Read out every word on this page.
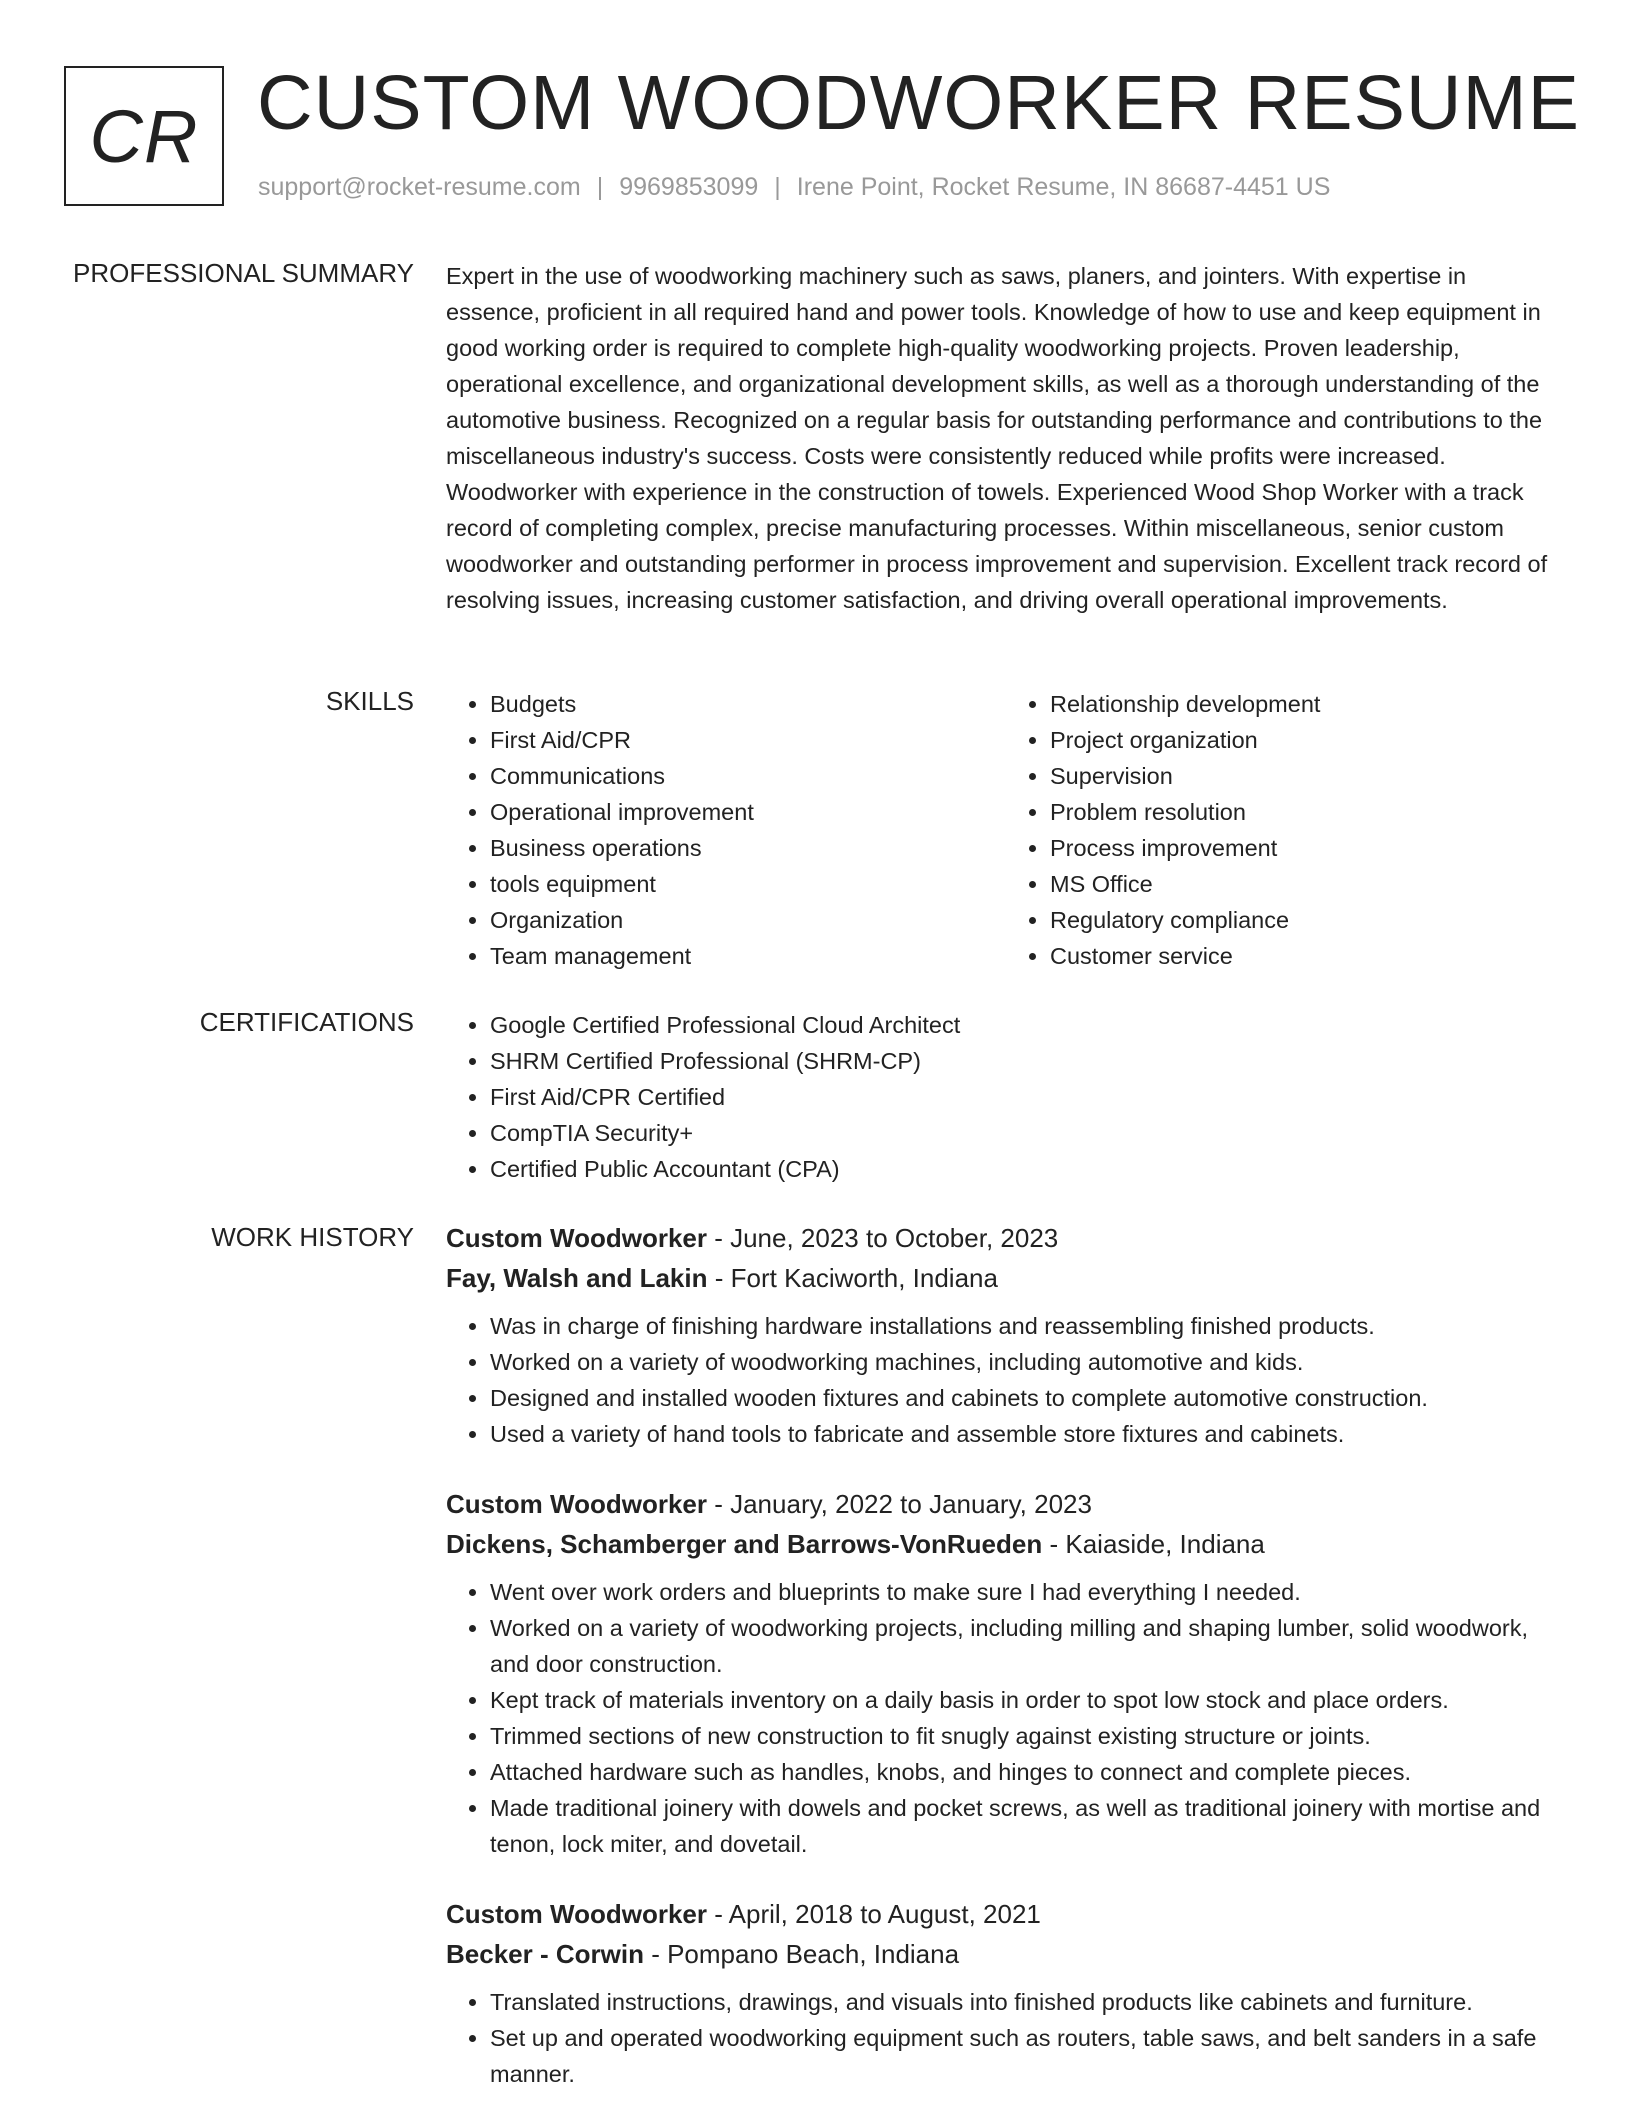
CR CUSTOM WOODWORKER RESUME
support@rocket-resume.com | 9969853099 | Irene Point, Rocket Resume, IN 86687-4451 US
PROFESSIONAL SUMMARY Expert in the use of woodworking machinery such as saws, planers, and jointers. With expertise in essence, proficient in all required hand and power tools. Knowledge of how to use and keep equipment in good working order is required to complete high-quality woodworking projects. Proven leadership, operational excellence, and organizational development skills, as well as a thorough understanding of the automotive business. Recognized on a regular basis for outstanding performance and contributions to the miscellaneous industry's success. Costs were consistently reduced while profits were increased. Woodworker with experience in the construction of towels. Experienced Wood Shop Worker with a track record of completing complex, precise manufacturing processes. Within miscellaneous, senior custom woodworker and outstanding performer in process improvement and supervision. Excellent track record of resolving issues, increasing customer satisfaction, and driving overall operational improvements.
SKILLS	• Budgets
• First Aid/CPR
• Communications
• Operational improvement
• Business operations
• tools equipment
• Organization
• Team management
• Relationship development
• Project organization
• Supervision
• Problem resolution
• Process improvement
• MS Office
• Regulatory compliance
• Customer service
CERTIFICATIONS	• Google Certified Professional Cloud Architect
• SHRM Certified Professional (SHRM-CP)
• First Aid/CPR Certified
• CompTIA Security+
• Certified Public Accountant (CPA)
WORK HISTORY Custom Woodworker - June, 2023 to October, 2023
Fay, Walsh and Lakin - Fort Kaciworth, Indiana
• Was in charge of finishing hardware installations and reassembling finished products.
• Worked on a variety of woodworking machines, including automotive and kids.
• Designed and installed wooden fixtures and cabinets to complete automotive construction.
• Used a variety of hand tools to fabricate and assemble store fixtures and cabinets.
Custom Woodworker - January, 2022 to January, 2023
Dickens, Schamberger and Barrows-VonRueden - Kaiaside, Indiana
• Went over work orders and blueprints to make sure I had everything I needed.
• Worked on a variety of woodworking projects, including milling and shaping lumber, solid woodwork, and door construction.
• Kept track of materials inventory on a daily basis in order to spot low stock and place orders.
• Trimmed sections of new construction to fit snugly against existing structure or joints.
• Attached hardware such as handles, knobs, and hinges to connect and complete pieces.
• Made traditional joinery with dowels and pocket screws, as well as traditional joinery with mortise and tenon, lock miter, and dovetail.
Custom Woodworker - April, 2018 to August, 2021
Becker - Corwin - Pompano Beach, Indiana
• Translated instructions, drawings, and visuals into finished products like cabinets and furniture.
• Set up and operated woodworking equipment such as routers, table saws, and belt sanders in a safe manner.
